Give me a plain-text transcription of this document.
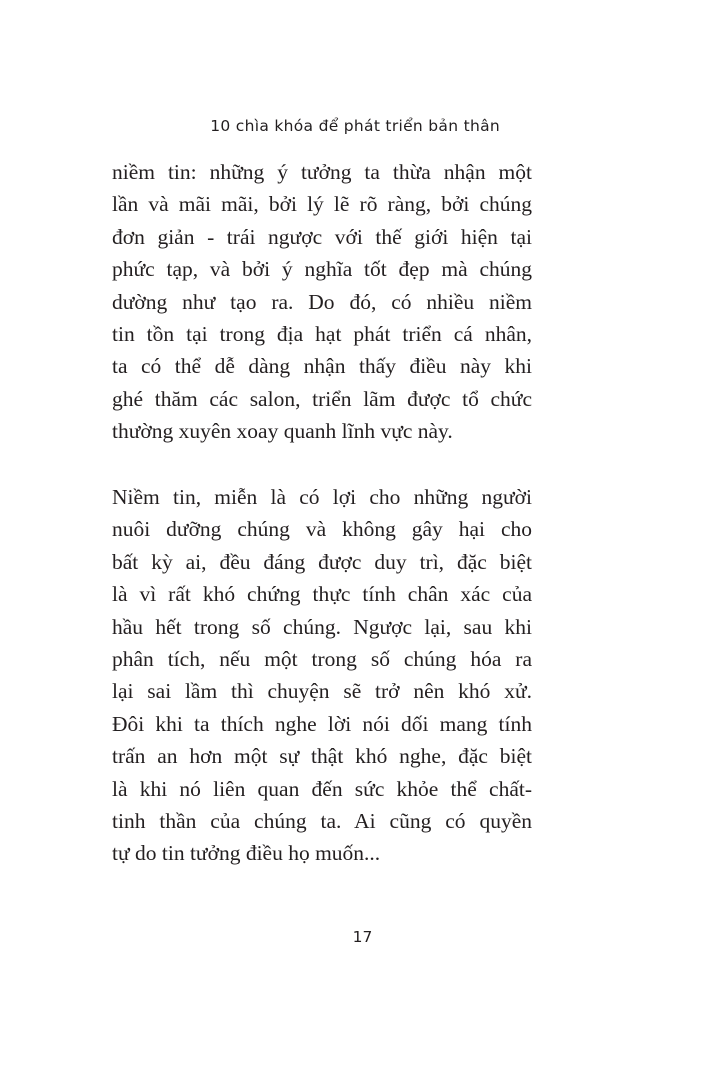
10 chìa khóa để phát triển bản thân
niềm tin: những ý tưởng ta thừa nhận một
lần và mãi mãi, bởi lý lẽ rõ ràng, bởi chúng
đơn giản - trái ngược với thế giới hiện tại
phức tạp, và bởi ý nghĩa tốt đẹp mà chúng
dường như tạo ra. Do đó, có nhiều niềm
tin tồn tại trong địa hạt phát triển cá nhân,
ta có thể dễ dàng nhận thấy điều này khi
ghé thăm các salon, triển lãm được tổ chức
thường xuyên xoay quanh lĩnh vực này.
Niềm tin, miễn là có lợi cho những người
nuôi dưỡng chúng và không gây hại cho
bất kỳ ai, đều đáng được duy trì, đặc biệt
là vì rất khó chứng thực tính chân xác của
hầu hết trong số chúng. Ngược lại, sau khi
phân tích, nếu một trong số chúng hóa ra
lại sai lầm thì chuyện sẽ trở nên khó xử.
Đôi khi ta thích nghe lời nói dối mang tính
trấn an hơn một sự thật khó nghe, đặc biệt
là khi nó liên quan đến sức khỏe thể chất-
tinh thần của chúng ta. Ai cũng có quyền
tự do tin tưởng điều họ muốn...
17
